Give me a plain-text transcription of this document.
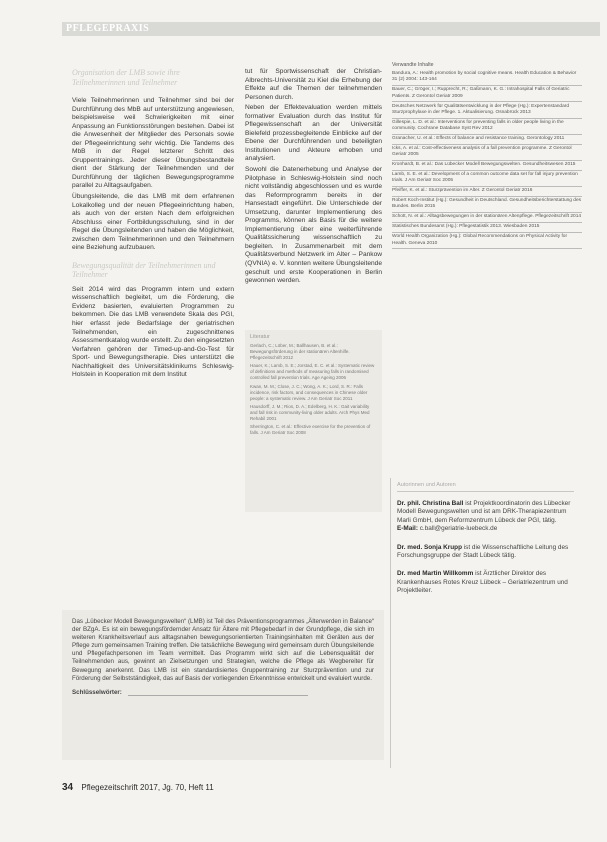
PFLEGEPRAXIS
Organisation der LMB sowie ihre Teilnehmerinnen und Teilnehmer

Viele Teilnehmerinnen und Teilnehmer sind bei der Durchführung des MbB auf unterstützung angewiesen, beispielsweise weil Schwierigkeiten mit einer Anpassung an Funktionsstörungen bestehen. Dabei ist die Anwesenheit der Mitglieder des Personals sowie der Pflegeeinrichtung sehr wichtig. Die Tandems des MbB in der Regel letzterer Schritt des Gruppentrainings. Jeder dieser Übungsbestandteile dient der Stärkung der Teilnehmenden und der Durchführung der täglichen Bewegungsprogramme parallel zu Alltagsaufgaben.

Übungsleitende, die das LMB mit dem erfahrenen Lokalkolleg und der neuen Pflegeeinrichtung haben, als auch von der ersten Nach dem erfolgreichen Abschluss einer Fortbildungsschulung, sind in der Regel die Übungsleitenden und haben die Möglichkeit, zwischen dem Teilnehmerinnen und den Teilnehmern eine Beziehung aufzubauen.

Bewegungsqualität der Teilnehmerinnen und Teilnehmer

Seit 2014 wird das Programm intern und extern wissenschaftlich begleitet, um die Förderung, die Evidenz basierten, evaluierten Programmen zu bekommen. Die das LMB verwendete Skala des PGI, hier erfasst jede Bedarfslage der geriatrischen Teilnehmenden, ein zugeschnittenes Assessmentkatalog wurde erstellt. Zu den eingesetzten Verfahren gehören der Timed-up-and-Go-Test für Sport- und Bewegungstherapie. Dies unterstützt die Nachhaltigkeit des Universitätsklinikums Schleswig-Holstein in Kooperation mit dem Institut

tut für Sportwissenschaft der Christian-Albrechts-Universität zu Kiel die Erhebung der Effekte auf die Themen der teilnehmenden Personen durch.

Neben der Effektevaluation werden mittels formativer Evaluation durch das Institut für Pflegewissenschaft an der Universität Bielefeld prozessbegleitende Einblicke auf der Ebene der Durchführenden und beteiligten Institutionen und Akteure erhoben und analysiert.

Sowohl die Datenerhebung und Analyse der Pilotphase in Schleswig-Holstein sind noch nicht vollständig abgeschlossen und es wurde das Reformprogramm bereits in der Hansestadt eingeführt. Die Unterschiede der Umsetzung, darunter Implementierung des Programms, können als Basis für die weitere Implementierung über eine weiterführende Qualitätssicherung wissenschaftlich zu begleiten. In Zusammenarbeit mit dem Qualitätsverbund Netzwerk im Alter – Pankow (QVNIA) e. V. konnten weitere Übungsleitende geschult und erste Kooperationen in Berlin gewonnen werden.

Literatur
Gerlach, C.; Löber, M.; Ballhausen, B. et al.: Bewegungsförderung in der stationären Altenhilfe. Pflegezeitschrift 2012
Hauer, K.; Lamb, S. E.; Jorstad, E. C. et al.: Systematic review of definitions and methods of measuring falls in randomised controlled fall prevention trials. Age Ageing 2006
Kwan, M. M.; Close, J. C.; Wong, A. K.; Lord, S. R.: Falls incidence, risk factors, and consequences in Chinese older people: a systematic review. J Am Geriatr Soc 2011
Hausdorff, J. M.; Rios, D. A.; Edelberg, H. K.: Gait variability and fall risk in community-living older adults. Arch Phys Med Rehabil 2001
Sherrington, C. et al.: Effective exercise for the prevention of falls. J Am Geriatr Soc 2008
Verwandte Inhalte
Bandura, A.: Health promotion by social cognitive means. Health Education & Behavior 31 (2) 2004: 143-164
Bauer, C.; Gröger, I.; Rupprecht, R.; Gaßmann, K. G.: Intrahospital Falls of Geriatric Patients. Z Gerontol Geriatr 2009
Deutsches Netzwerk für Qualitätsentwicklung in der Pflege (Hg.): Expertenstandard Sturzprophylaxe in der Pflege. 1. Aktualisierung. Osnabrück 2013
Gillespie, L. D. et al.: Interventions for preventing falls in older people living in the community. Cochrane Database Syst Rev 2012
Granacher, U. et al.: Effects of balance and resistance training. Gerontology 2011
Icks, A. et al.: Cost-effectiveness analysis of a fall prevention programme. Z Gerontol Geriatr 2005
Kronhardt, B. et al.: Das Lübecker Modell Bewegungswelten. Gesundheitswesen 2015
Lamb, S. E. et al.: Development of a common outcome data set for fall injury prevention trials. J Am Geriatr Soc 2005
Pfeiffer, K. et al.: Sturzprävention im Alter. Z Gerontol Geriatr 2016
Robert Koch-Institut (Hg.): Gesundheit in Deutschland. Gesundheitsberichterstattung des Bundes. Berlin 2015
Schott, N. et al.: Alltagsbewegungen in der stationären Altenpflege. Pflegezeitschrift 2014
Statistisches Bundesamt (Hg.): Pflegestatistik 2013. Wiesbaden 2015
World Health Organization (Hg.): Global Recommendations on Physical Activity for Health. Geneva 2010
Autorinnen und Autoren
Dr. phil. Christina Ball ist Projektkoordinatorin des Lübecker Modell Bewegungswelten und ist am DRK-Therapiezentrum Marli GmbH, dem Reformzentrum Lübeck der PGI, tätig.
E-Mail: c.ball@geriatrie-luebeck.de
Dr. med. Sonja Krupp ist die Wissenschaftliche Leitung des Forschungsgruppe der Stadt Lübeck tätig.
Dr. med Martin Willkomm ist Ärztlicher Direktor des Krankenhauses Rotes Kreuz Lübeck – Geriatriezentrum und Projektleiter.
Das „Lübecker Modell Bewegungswelten“ (LMB) ist Teil des Präventionsprogrammes „Älterwerden in Balance“ der BZgA. Es ist ein bewegungsfördernder Ansatz für Ältere mit Pflegebedarf in der Grundpflege, die sich im weiteren Krankheitsverlauf aus alltagsnahen bewegungsorientierten Trainingsinhalten mit Geräten aus der Pflege zum gemeinsamen Training treffen. Die tatsächliche Bewegung wird gemeinsam durch Übungsleitende und Pflegefachpersonen im Team vermittelt. Das Programm wirkt sich auf die Lebensqualität der Teilnehmenden aus, gewinnt an Zielsetzungen und Strategien, welche die Pflege als Wegbereiter für Bewegung anerkennt. Das LMB ist ein standardisiertes Gruppentraining zur Sturzprävention und zur Förderung der Selbstständigkeit, das auf Basis der vorliegenden Erkenntnisse entwickelt und evaluiert wurde.
Schlüsselwörter:
34 Pflegezeitschrift 2017, Jg. 70, Heft 11
